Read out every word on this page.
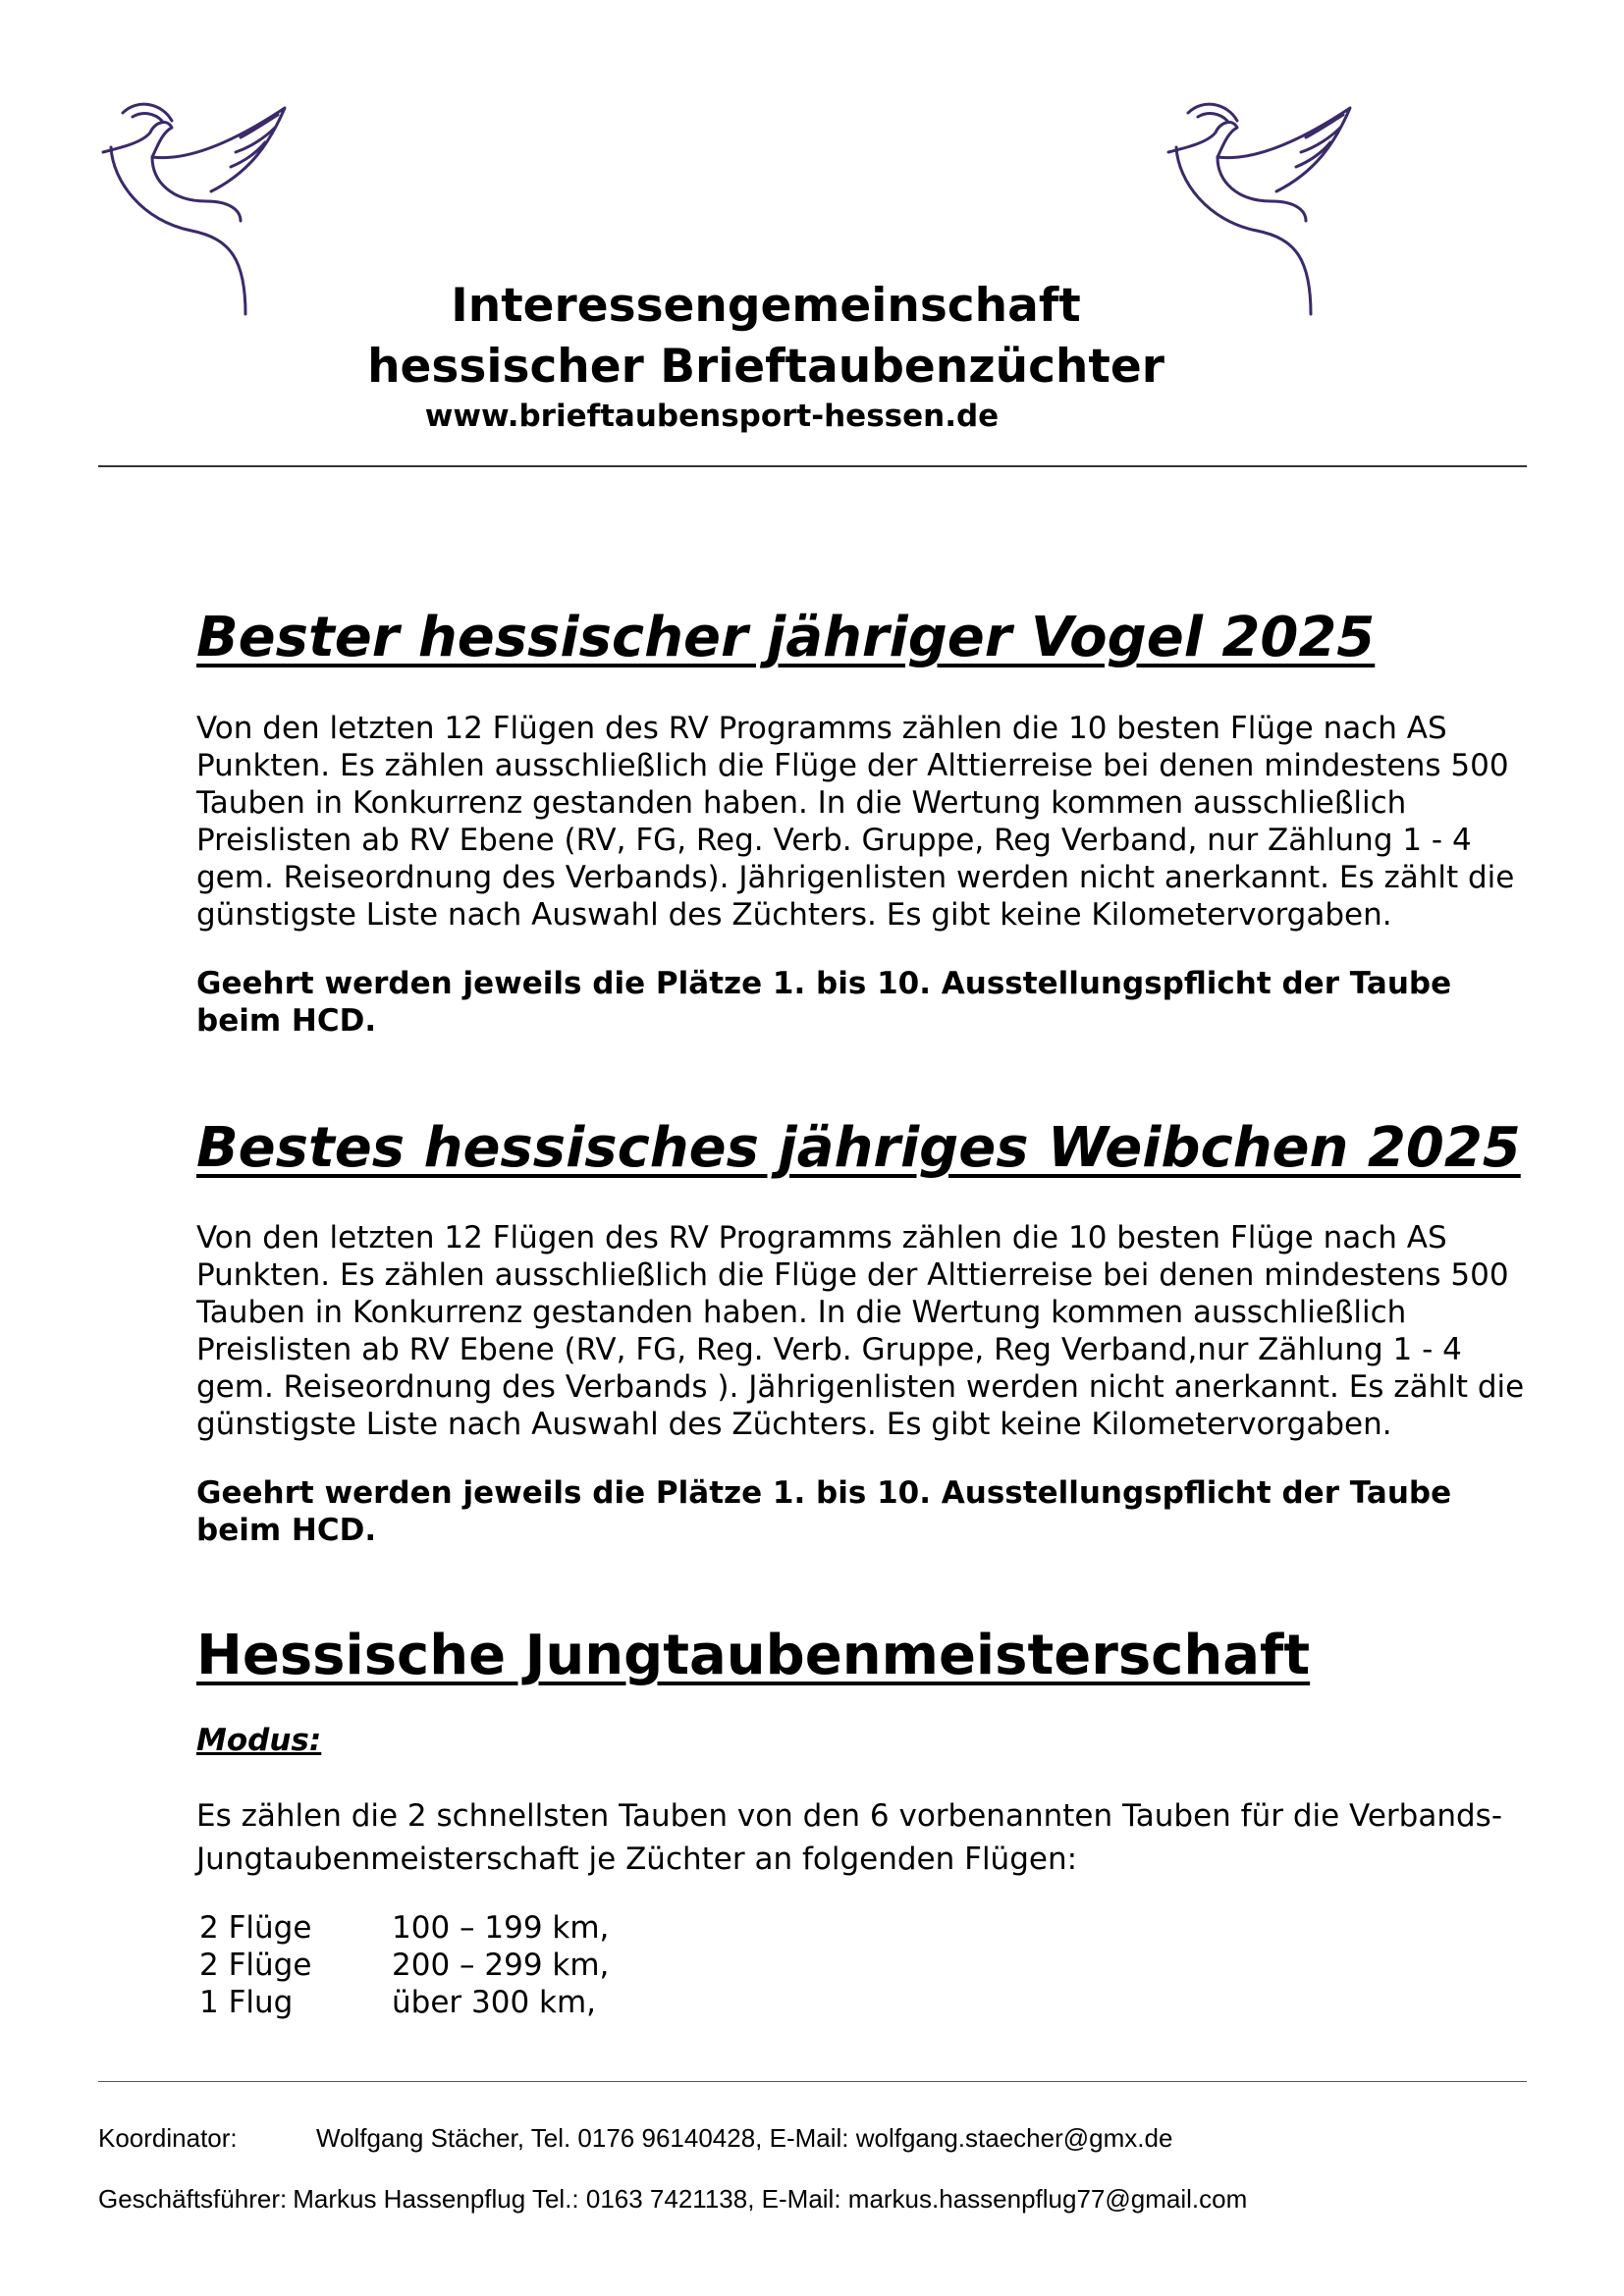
Interessengemeinschaft
hessischer Brieftaubenzüchter

www.brieftaubensport-hessen.de

Bester hessischer jähriger Vogel 2025

Von den letzten 12 Flügen des RV Programms zählen die 10 besten Flüge nach AS Punkten. Es zählen ausschließlich die Flüge der Alttierreise bei denen mindestens 500 Tauben in Konkurrenz gestanden haben. In die Wertung kommen ausschließlich Preislisten ab RV Ebene (RV, FG, Reg. Verb. Gruppe, Reg Verband, nur Zählung 1 - 4 gem. Reiseordnung des Verbands). Jährigenlisten werden nicht anerkannt. Es zählt die günstigste Liste nach Auswahl des Züchters. Es gibt keine Kilometervorgaben.

Geehrt werden jeweils die Plätze 1. bis 10. Ausstellungspflicht der Taube beim HCD.

Bestes hessisches jähriges Weibchen 2025

Von den letzten 12 Flügen des RV Programms zählen die 10 besten Flüge nach AS Punkten. Es zählen ausschließlich die Flüge der Alttierreise bei denen mindestens 500 Tauben in Konkurrenz gestanden haben. In die Wertung kommen ausschließlich Preislisten ab RV Ebene (RV, FG, Reg. Verb. Gruppe, Reg Verband,nur Zählung 1 - 4 gem. Reiseordnung des Verbands ). Jährigenlisten werden nicht anerkannt. Es zählt die günstigste Liste nach Auswahl des Züchters. Es gibt keine Kilometervorgaben.

Geehrt werden jeweils die Plätze 1. bis 10. Ausstellungspflicht der Taube beim HCD.

Hessische Jungtaubenmeisterschaft

Modus:

Es zählen die 2 schnellsten Tauben von den 6 vorbenannten Tauben für die Verbands-Jungtaubenmeisterschaft je Züchter an folgenden Flügen:

2 Flüge	100 – 199 km,
2 Flüge	200 – 299 km,
1 Flug	über 300 km,
Koordinator:	Wolfgang Stächer, Tel. 0176 96140428, E-Mail: wolfgang.staecher@gmx.de
Geschäftsführer: Markus Hassenpflug Tel.: 0163 7421138, E-Mail: markus.hassenpflug77@gmail.com
